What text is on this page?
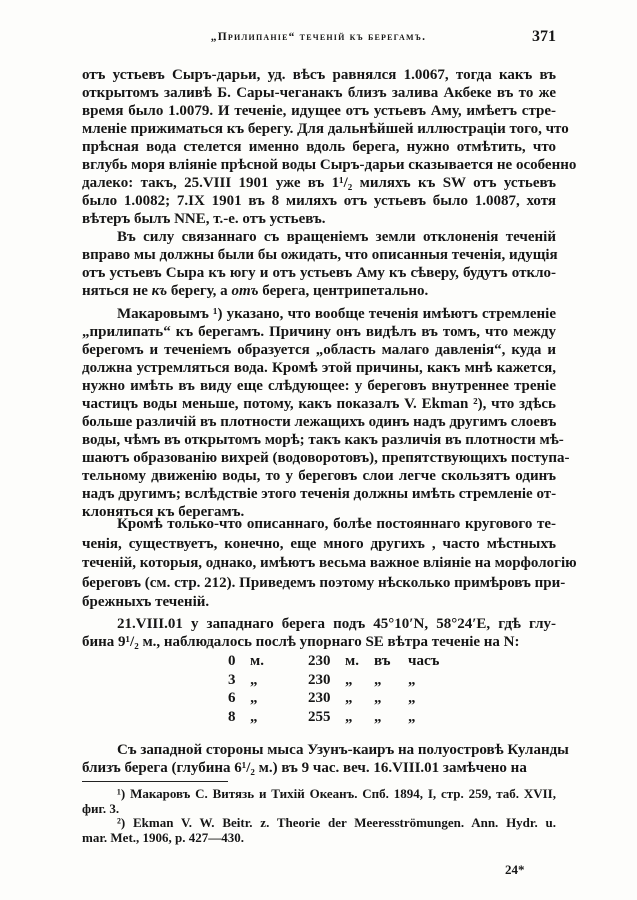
„Прилипаніе“ теченій къ берегамъ.	371
отъ устьевъ Сыръ-дарьи, уд. вѣсъ равнялся 1.0067, тогда какъ въ
открытомъ заливѣ Б. Сары-чеганакъ близъ залива Акбеке въ то же
время было 1.0079. И теченіе, идущее отъ устьевъ Аму, имѣетъ стре-
мленіе прижиматься къ берегу. Для дальнѣйшей иллюстраціи того, что
прѣсная вода стелется именно вдоль берега, нужно отмѣтить, что
вглубь моря вліяніе прѣсной воды Сыръ-дарьи сказывается не особенно
далеко: такъ, 25.VIII 1901 уже въ 1¹/₂ миляхъ къ SW отъ устьевъ
было 1.0082; 7.IX 1901 въ 8 миляхъ отъ устьевъ было 1.0087, хотя
вѣтеръ былъ NNE, т.-е. отъ устьевъ.
Въ силу связаннаго съ вращеніемъ земли отклоненія теченій
вправо мы должны были бы ожидать, что описанныя теченія, идущія
отъ устьевъ Сыра къ югу и отъ устьевъ Аму къ сѣверу, будутъ откло-
няться не къ берегу, а отъ берега, центрипетально.
Макаровымъ ¹) указано, что вообще теченія имѣютъ стремленіе
„прилипать“ къ берегамъ. Причину онъ видѣлъ въ томъ, что между
берегомъ и теченіемъ образуется „область малаго давленія“, куда и
должна устремляться вода. Кромѣ этой причины, какъ мнѣ кажется,
нужно имѣть въ виду еще слѣдующее: у береговъ внутреннее треніе
частицъ воды меньше, потому, какъ показалъ V. Ekman ²), что здѣсь
больше различій въ плотности лежащихъ одинъ надъ другимъ слоевъ
воды, чѣмъ въ открытомъ морѣ; такъ какъ различія въ плотности мѣ-
шаютъ образованію вихрей (водоворотовъ), препятствующихъ поступа-
тельному движенію воды, то у береговъ слои легче скользятъ одинъ
надъ другимъ; вслѣдствіе этого теченія должны имѣть стремленіе от-
клоняться къ берегамъ.
Кромѣ только-что описаннаго, болѣе постояннаго кругового те-
ченія, существуетъ, конечно, еще много другихъ , часто мѣстныхъ
теченій, которыя, однако, имѣютъ весьма важное вліяніе на морфологію
береговъ (см. стр. 212). Приведемъ поэтому нѣсколько примѣровъ при-
брежныхъ теченій.
21.VIII.01 у западнаго берега подъ 45°10′N, 58°24′E, гдѣ глу-
бина 9¹/₂ м., наблюдалось послѣ упорнаго SE вѣтра теченіе на N:
Съ западной стороны мыса Узунъ-каиръ на полуостровѣ Куланды
близъ берега (глубина 6¹/₂ м.) въ 9 час. веч. 16.VIII.01 замѣчено на
0 м.	230 м. въ часъ
3 „	230 „ „ „
6 „	230 „ „ „
8 „	255 „ „ „
¹) Макаровъ С. Витязь и Тихій Океанъ. Спб. 1894, I, стр. 259, таб. XVII,
фиг. 3.
²) Ekman V. W. Beitr. z. Theorie der Meeresströmungen. Ann. Hydr. u.
mar. Met., 1906, p. 427—430.
24*
